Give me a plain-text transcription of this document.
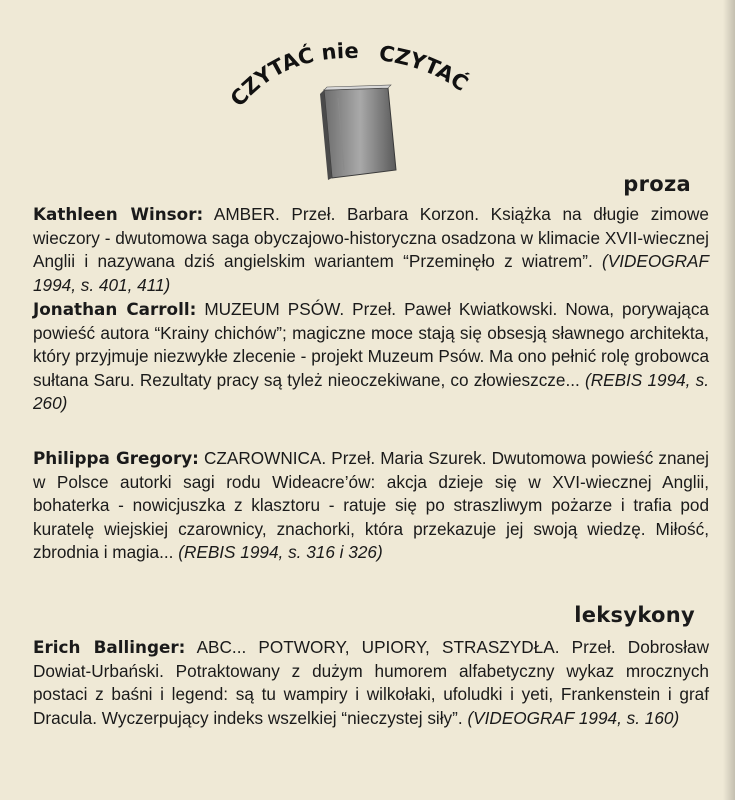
CZYTAĆ nie CZYTAĆ
proza
Kathleen Winsor: AMBER. Przeł. Barbara Korzon. Książka na długie zimowe wieczory - dwutomowa saga obyczajowo-historyczna osadzona w klimacie XVII-wiecznej Anglii i nazywana dziś angielskim wariantem “Przeminęło z wiatrem”. (VIDEOGRAF 1994, s. 401, 411)
Jonathan Carroll: MUZEUM PSÓW. Przeł. Paweł Kwiatkowski. Nowa, porywająca powieść autora “Krainy chichów”; magiczne moce stają się obsesją sławnego architekta, który przyjmuje niezwykłe zlecenie - projekt Muzeum Psów. Ma ono pełnić rolę grobowca sułtana Saru. Rezultaty pracy są tyleż nieoczekiwane, co złowieszcze... (REBIS 1994, s. 260)
Philippa Gregory: CZAROWNICA. Przeł. Maria Szurek. Dwutomowa powieść znanej w Polsce autorki sagi rodu Wideacre’ów: akcja dzieje się w XVI-wiecznej Anglii, bohaterka - nowicjuszka z klasztoru - ratuje się po straszliwym pożarze i trafia pod kuratelę wiejskiej czarownicy, znachorki, która przekazuje jej swoją wiedzę. Miłość, zbrodnia i magia... (REBIS 1994, s. 316 i 326)
leksykony
Erich Ballinger: ABC... POTWORY, UPIORY, STRASZYDŁA. Przeł. Dobrosław Dowiat-Urbański. Potraktowany z dużym humorem alfabetyczny wykaz mrocznych postaci z baśni i legend: są tu wampiry i wilkołaki, ufoludki i yeti, Frankenstein i graf Dracula. Wyczerpujący indeks wszelkiej “nieczystej siły”. (VIDEOGRAF 1994, s. 160)
